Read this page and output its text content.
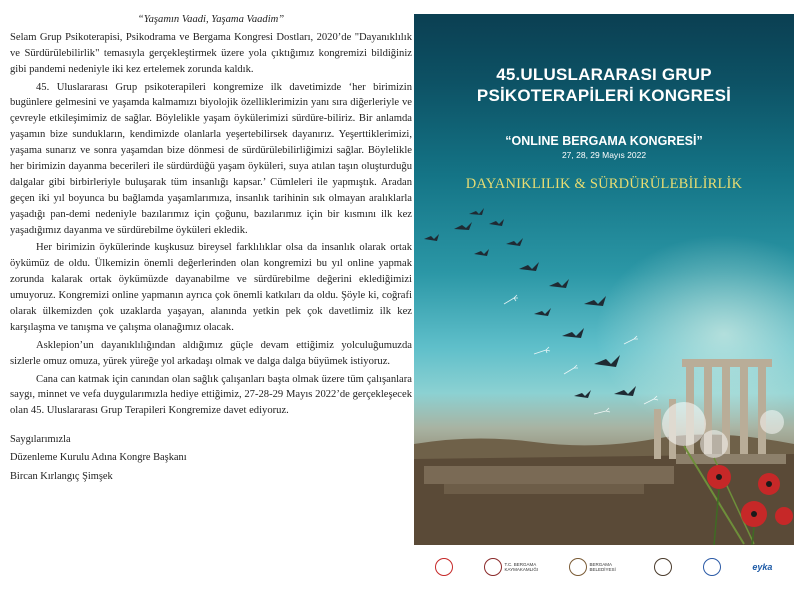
“Yaşamın Vaadi, Yaşama Vaadim”

Selam Grup Psikoterapisi, Psikodrama ve Bergama Kongresi Dostları, 2020’de "Dayanıklılık ve Sürdürülebilirlik" temasıyla gerçekleştirmek üzere yola çıktığımız kongremizi bildiğiniz gibi pandemi nedeniyle iki kez ertelemek zorunda kaldık.

45. Uluslararası Grup psikoterapileri kongremize ilk davetimizde ‘her birimizin bugünlere gelmesini ve yaşamda kalmamızı biyolojik özelliklerimizin yanı sıra diğerleriyle ve çevreyle etkileşimimiz de sağlar. Böylelikle yaşam öykülerimizi sürdüre-biliriz. Bir anlamda yaşamın bize sundukların, kendimizde olanlarla yeşertebilirsek dayanırız. Yeşerttiklerimizi, yaşama sunarız ve sonra yaşamdan bize dönmesi de sürdürülebilirliğimizi sağlar. Böylelikle her birimizin dayanma becerileri ile sürdürdüğü yaşam öyküleri, suya atılan taşın oluşturduğu dalgalar gibi birbirleriyle buluşarak tüm insanlığı kapsar.’ Cümleleri ile yapmıştık. Aradan geçen iki yıl boyunca bu bağlamda yaşamlarımıza, insanlık tarihinin sık olmayan aralıklarla yaşadığı pan-demi nedeniyle bazılarımız için çoğunu, bazılarımız için bir kısmını ilk kez yaşadığımız dayanma ve sürdürebilme öyküleri ekledik.

Her birimizin öykülerinde kuşkusuz bireysel farklılıklar olsa da insanlık olarak ortak öykümüz de oldu. Ülkemizin önemli değerlerinden olan kongremizi bu yıl online yapmak zorunda kalarak ortak öykümüzde dayanabilme ve sürdürebilme değerini eklediğimizi umuyoruz. Kongremizi online yapmanın ayrıca çok önemli katkıları da oldu. Şöyle ki, coğrafi olarak ülkemizden çok uzaklarda yaşayan, alanında yetkin pek çok davetlimiz ilk kez karşılaşma ve tanışma ve çalışma olanağımız olacak.

Asklepion’un dayanıklılığından aldığımız güçle devam ettiğimiz yolculuğumuzda sizlerle omuz omuza, yürek yüreğe yol arkadaşı olmak ve dalga dalga büyümek istiyoruz.

Cana can katmak için canından olan sağlık çalışanları başta olmak üzere tüm çalışanlara saygı, minnet ve vefa duygularımızla hediye ettiğimiz, 27-28-29 Mayıs 2022’de gerçekleşecek olan 45. Uluslararası Grup Terapileri Kongremize davet ediyoruz.

Saygılarımızla
Düzenleme Kurulu Adına Kongre Başkanı
Bircan Kırlangıç Şimşek
45.ULUSLARARASI GRUP
PSİKOTERAPİLERİ KONGRESİ
“ONLINE BERGAMA KONGRESİ”
27, 28, 29 Mayıs 2022
DAYANIKLILIK & SÜRDÜRÜLEBİLİRLİK
T.C. BERGAMA KAYMAKAMLIĞI
BERGAMA BELEDİYESİ	eyka
